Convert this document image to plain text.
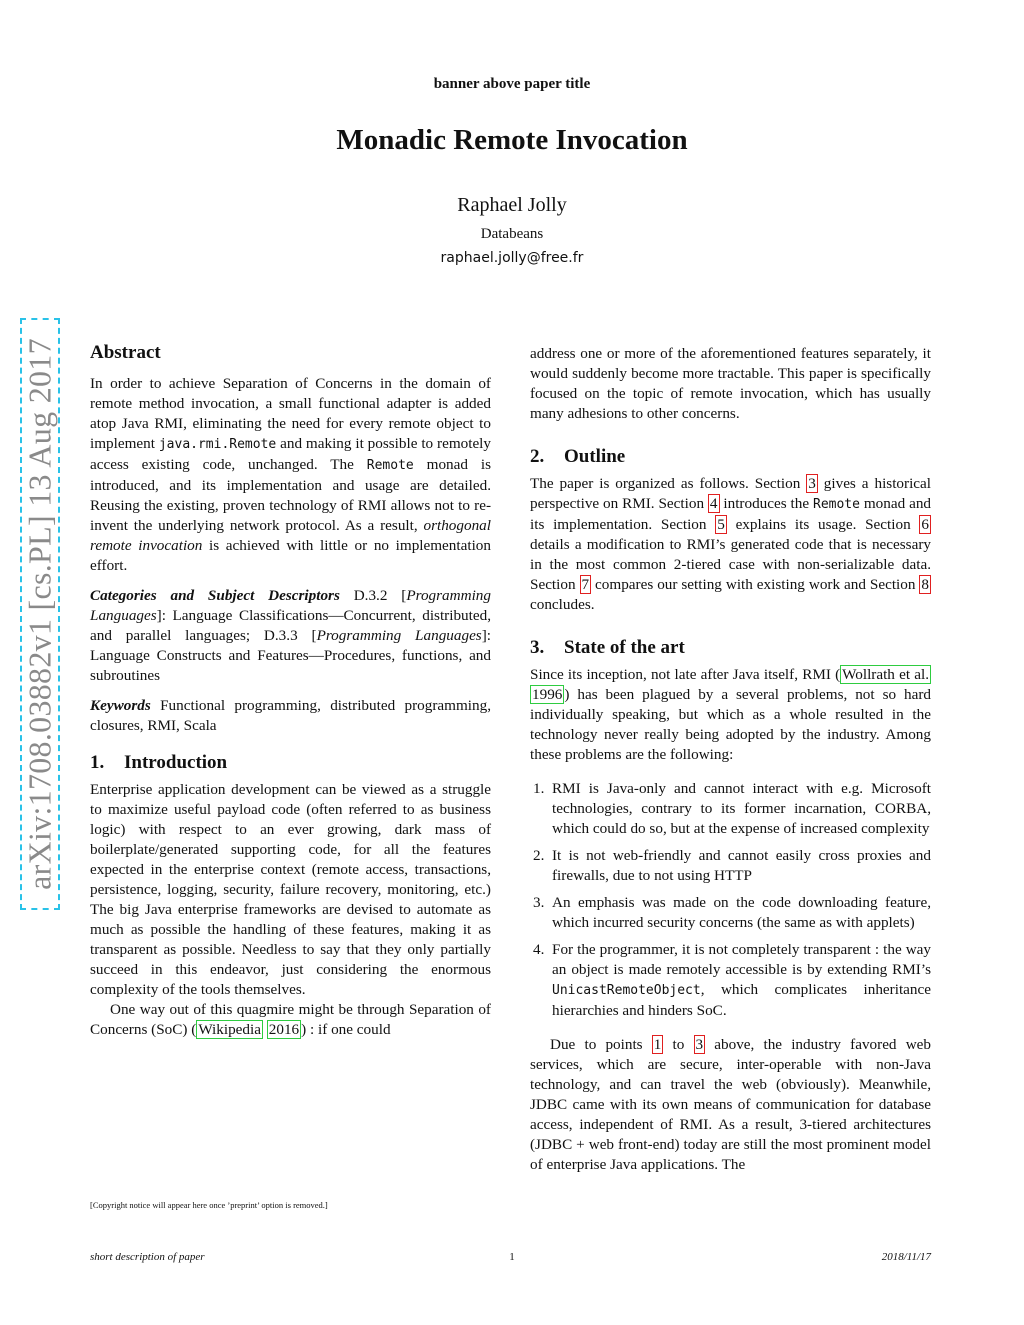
banner above paper title
Monadic Remote Invocation
Raphael Jolly
Databeans
raphael.jolly@free.fr
arXiv:1708.03882v1 [cs.PL] 13 Aug 2017 Abstract

In order to achieve Separation of Concerns in the domain of remote method invocation, a small functional adapter is added atop Java RMI, eliminating the need for every remote object to implement java.rmi.Remote and making it possible to remotely access existing code, unchanged. The Remote monad is introduced, and its implementation and usage are detailed. Reusing the existing, proven technology of RMI allows not to re-invent the underlying network protocol. As a result, orthogonal remote invocation is achieved with little or no implementation effort.

Categories and Subject Descriptors D.3.2 [Programming Languages]: Language Classifications—Concurrent, distributed, and parallel languages; D.3.3 [Programming Languages]: Language Constructs and Features—Procedures, functions, and subroutines

Keywords Functional programming, distributed programming, closures, RMI, Scala

1. Introduction

Enterprise application development can be viewed as a struggle to maximize useful payload code (often referred to as business logic) with respect to an ever growing, dark mass of boilerplate/generated supporting code, for all the features expected in the enterprise context (remote access, transactions, persistence, logging, security, failure recovery, monitoring, etc.) The big Java enterprise frameworks are devised to automate as much as possible the handling of these features, making it as transparent as possible. Needless to say that they only partially succeed in this endeavor, just considering the enormous complexity of the tools themselves.

One way out of this quagmire might be through Separation of Concerns (SoC) ( Wikipedia 2016 ) : if one could

address one or more of the aforementioned features separately, it would suddenly become more tractable. This paper is specifically focused on the topic of remote invocation, which has usually many adhesions to other concerns.

2. Outline

The paper is organized as follows. Section 3 gives a historical perspective on RMI. Section 4 introduces the Remote monad and its implementation. Section 5 explains its usage. Section 6 details a modification to RMI’s generated code that is necessary in the most common 2-tiered case with non-serializable data. Section 7 compares our setting with existing work and Section 8 concludes.

3. State of the art

Since its inception, not late after Java itself, RMI ( Wollrath et al. 1996 ) has been plagued by a several problems, not so hard individually speaking, but which as a whole resulted in the technology never really being adopted by the industry. Among these problems are the following:

1. RMI is Java-only and cannot interact with e.g. Microsoft technologies, contrary to its former incarnation, CORBA, which could do so, but at the expense of increased complexity
2. It is not web-friendly and cannot easily cross proxies and firewalls, due to not using HTTP
3. An emphasis was made on the code downloading feature, which incurred security concerns (the same as with applets)
4. For the programmer, it is not completely transparent : the way an object is made remotely accessible is by extending RMI’s UnicastRemoteObject, which complicates inheritance hierarchies and hinders SoC.

Due to points 1 to 3 above, the industry favored web services, which are secure, inter-operable with non-Java technology, and can travel the web (obviously). Meanwhile, JDBC came with its own means of communication for database access, independent of RMI. As a result, 3-tiered architectures (JDBC + web front-end) today are still the most prominent model of enterprise Java applications. The

[Copyright notice will appear here once ’preprint’ option is removed.]
short description of paper	1	2018/11/17
